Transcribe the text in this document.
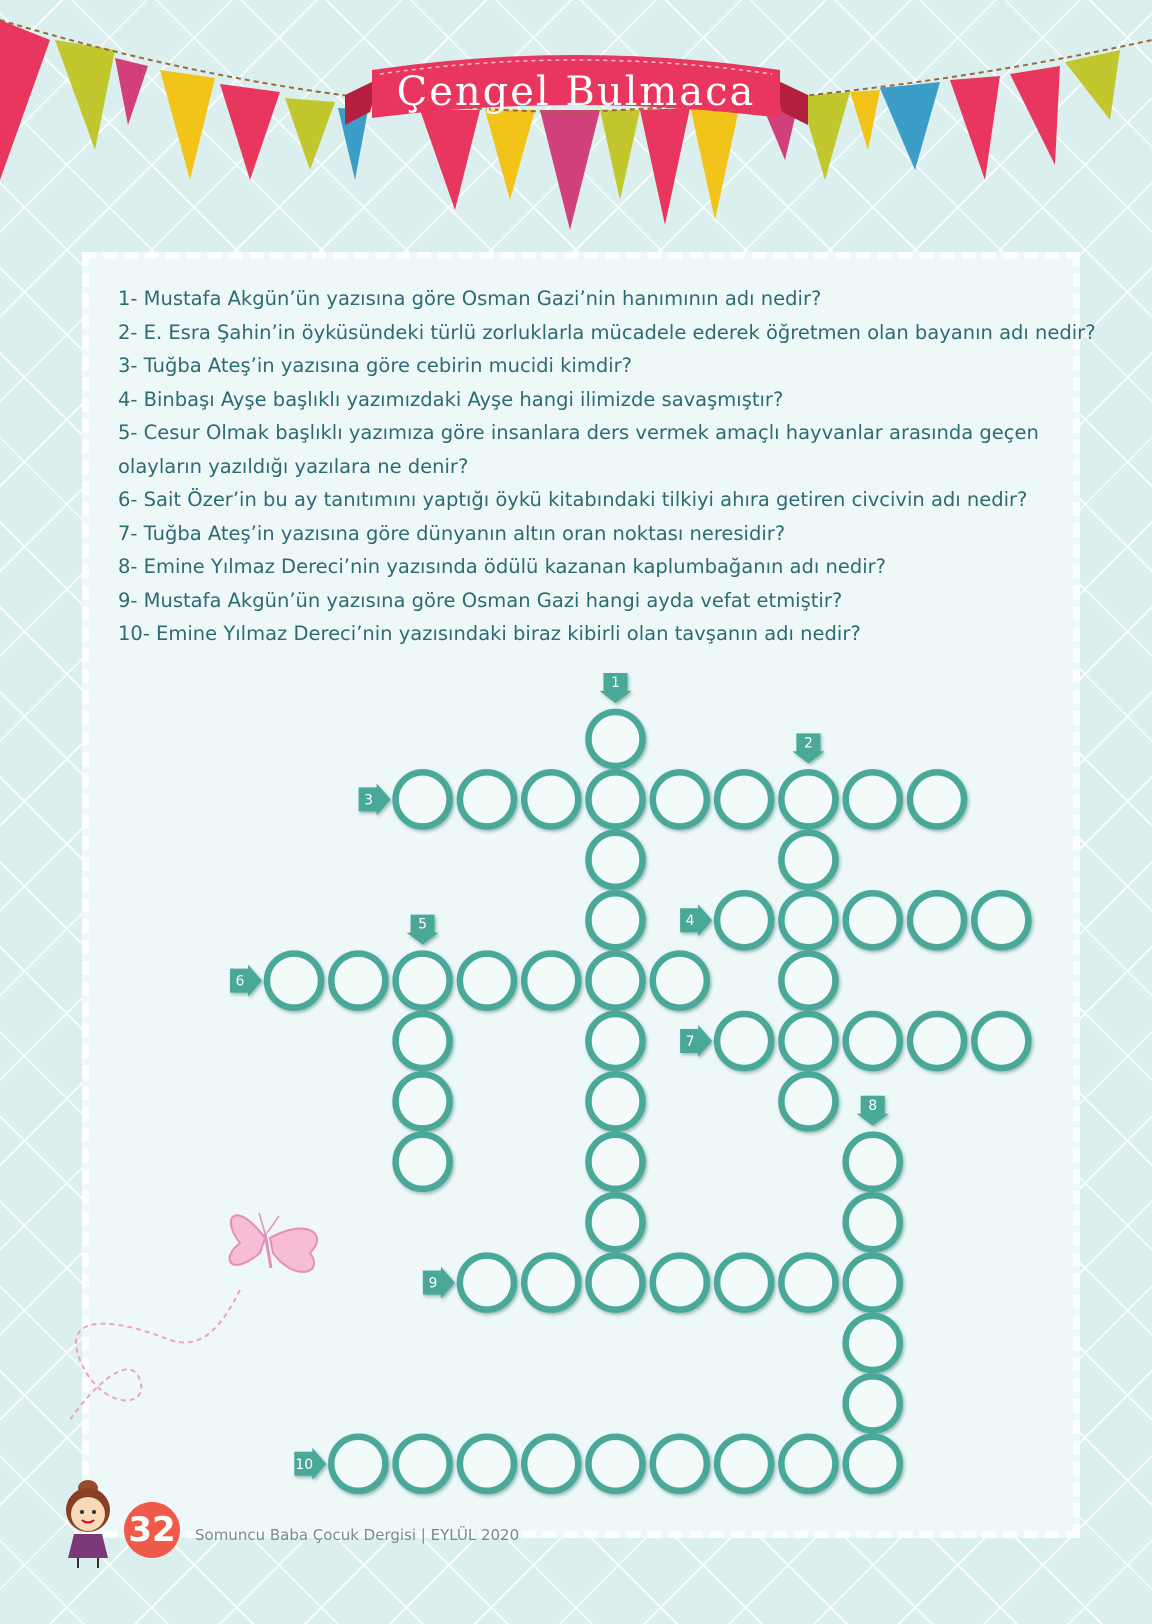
Çengel Bulmaca
1- Mustafa Akgün’ün yazısına göre Osman Gazi’nin hanımının adı nedir?
2- E. Esra Şahin’in öyküsündeki türlü zorluklarla mücadele ederek öğretmen olan bayanın adı nedir?
3- Tuğba Ateş’in yazısına göre cebirin mucidi kimdir?
4- Binbaşı Ayşe başlıklı yazımızdaki Ayşe hangi ilimizde savaşmıştır?
5- Cesur Olmak başlıklı yazımıza göre insanlara ders vermek amaçlı hayvanlar arasında geçen
olayların yazıldığı yazılara ne denir?
6- Sait Özer’in bu ay tanıtımını yaptığı öykü kitabındaki tilkiyi ahıra getiren civcivin adı nedir?
7- Tuğba Ateş’in yazısına göre dünyanın altın oran noktası neresidir?
8- Emine Yılmaz Dereci’nin yazısında ödülü kazanan kaplumbağanın adı nedir?
9- Mustafa Akgün’ün yazısına göre Osman Gazi hangi ayda vefat etmiştir?
10- Emine Yılmaz Dereci’nin yazısındaki biraz kibirli olan tavşanın adı nedir?
1
2
3
4
5
6
7
8
9
10
32 Somuncu Baba Çocuk Dergisi | EYLÜL 2020
